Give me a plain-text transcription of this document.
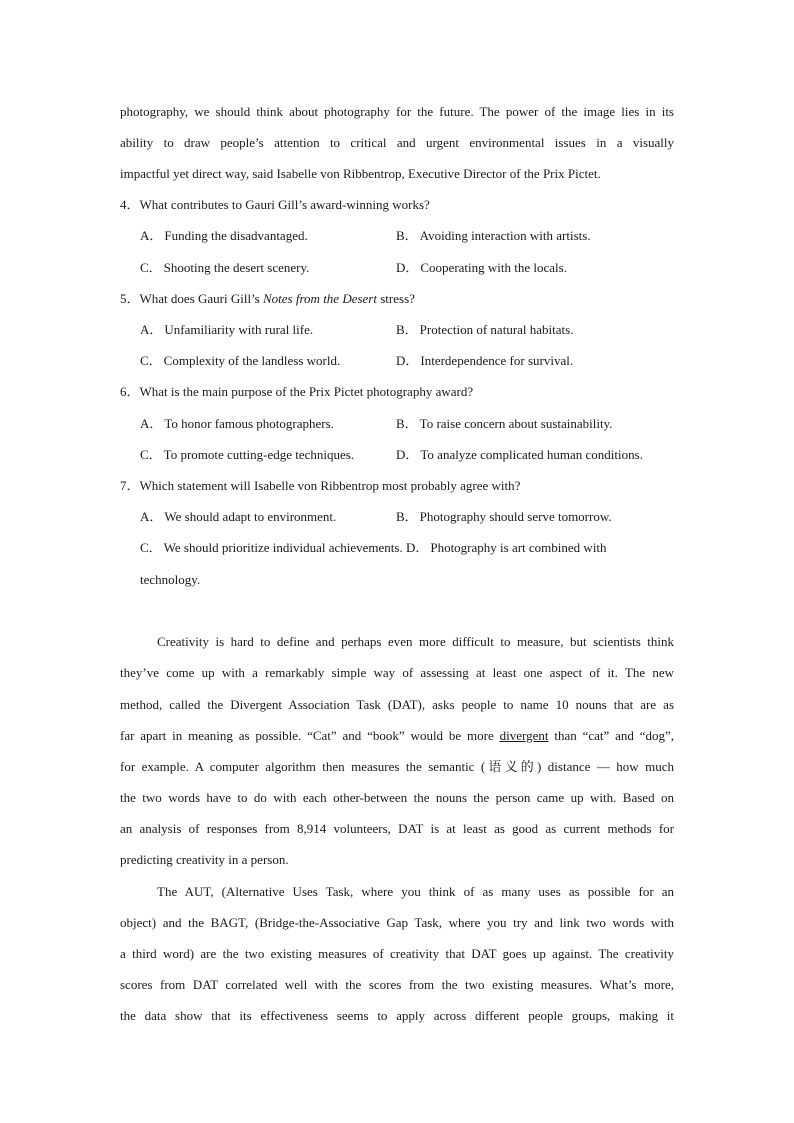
photography, we should think about photography for the future. The power of the image lies in its
ability to draw people’s attention to critical and urgent environmental issues in a visually
impactful yet direct way, said Isabelle von Ribbentrop, Executive Director of the Prix Pictet.
4．What contributes to Gauri Gill’s award-winning works?
A． Funding the disadvantaged.	B． Avoiding interaction with artists.
C． Shooting the desert scenery.	D． Cooperating with the locals.
5．What does Gauri Gill’s Notes from the Desert stress?
A． Unfamiliarity with rural life.	B． Protection of natural habitats.
C． Complexity of the landless world.	D． Interdependence for survival.
6．What is the main purpose of the Prix Pictet photography award?
A． To honor famous photographers.	B． To raise concern about sustainability.
C． To promote cutting-edge techniques.	D． To analyze complicated human conditions.
7．Which statement will Isabelle von Ribbentrop most probably agree with?
A． We should adapt to environment.	B． Photography should serve tomorrow.
C． We should prioritize individual achievements. D． Photography is art combined with
technology.
Creativity is hard to define and perhaps even more difficult to measure, but scientists think
they’ve come up with a remarkably simple way of assessing at least one aspect of it. The new
method, called the Divergent Association Task (DAT), asks people to name 10 nouns that are as
far apart in meaning as possible. “Cat” and “book” would be more divergent than “cat” and “dog”,
for example. A computer algorithm then measures the semantic (语义的) distance — how much
the two words have to do with each other-between the nouns the person came up with. Based on
an analysis of responses from 8,914 volunteers, DAT is at least as good as current methods for
predicting creativity in a person.
The AUT, (Alternative Uses Task, where you think of as many uses as possible for an
object) and the BAGT, (Bridge-the-Associative Gap Task, where you try and link two words with
a third word) are the two existing measures of creativity that DAT goes up against. The creativity
scores from DAT correlated well with the scores from the two existing measures. What’s more,
the data show that its effectiveness seems to apply across different people groups, making it
